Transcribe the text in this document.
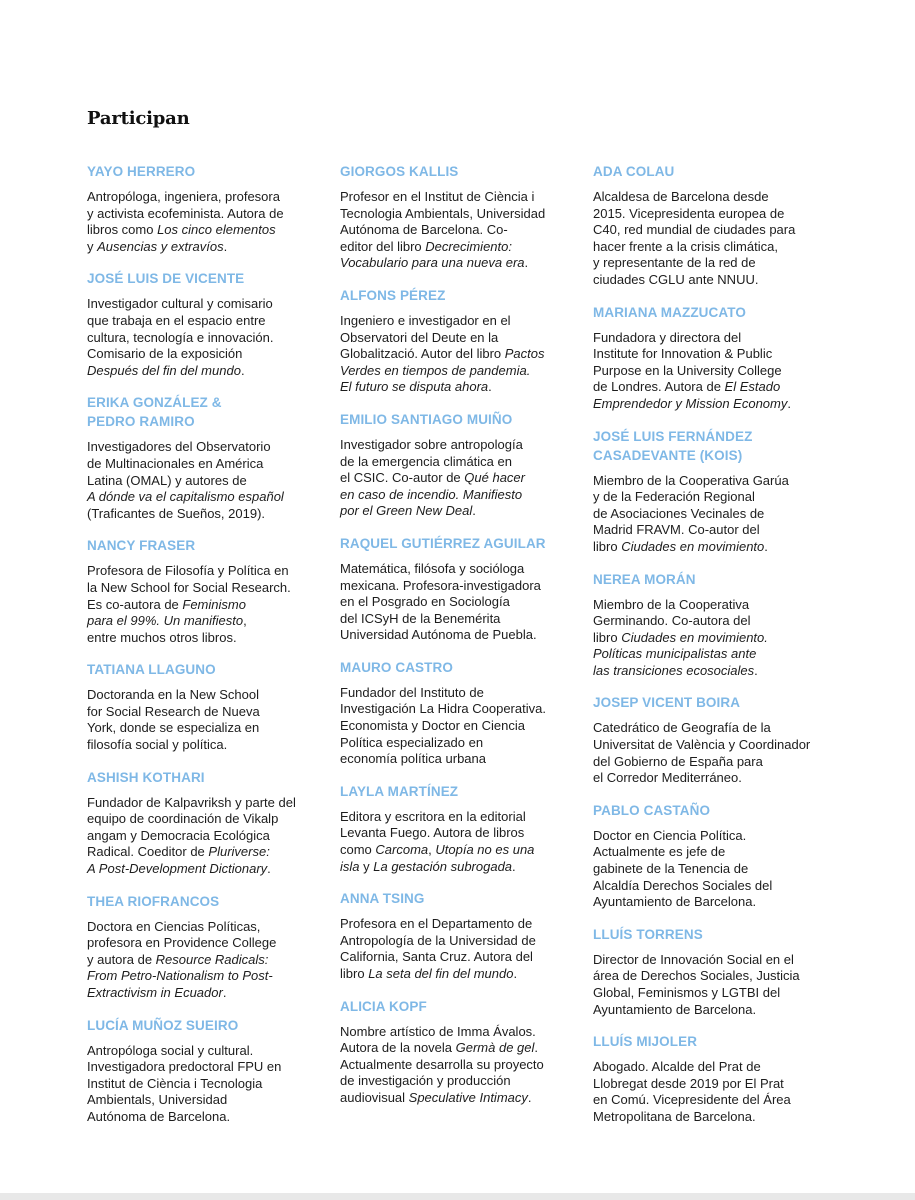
Participan
YAYO HERRERO
Antropóloga, ingeniera, profesora
y activista ecofeminista. Autora de
libros como Los cinco elementos
y Ausencias y extravíos.
JOSÉ LUIS DE VICENTE
Investigador cultural y comisario
que trabaja en el espacio entre
cultura, tecnología e innovación.
Comisario de la exposición
Después del fin del mundo.
ERIKA GONZÁLEZ &
PEDRO RAMIRO
Investigadores del Observatorio
de Multinacionales en América
Latina (OMAL) y autores de
A dónde va el capitalismo español
(Traficantes de Sueños, 2019).
NANCY FRASER
Profesora de Filosofía y Política en
la New School for Social Research.
Es co-autora de Feminismo
para el 99%. Un manifiesto,
entre muchos otros libros.
TATIANA LLAGUNO
Doctoranda en la New School
for Social Research de Nueva
York, donde se especializa en
filosofía social y política.
ASHISH KOTHARI
Fundador de Kalpavriksh y parte del
equipo de coordinación de Vikalp
angam y Democracia Ecológica
Radical. Coeditor de Pluriverse:
A Post-Development Dictionary.
THEA RIOFRANCOS
Doctora en Ciencias Políticas,
profesora en Providence College
y autora de Resource Radicals:
From Petro-Nationalism to Post-
Extractivism in Ecuador.
LUCÍA MUÑOZ SUEIRO
Antropóloga social y cultural.
Investigadora predoctoral FPU en
Institut de Ciència i Tecnologia
Ambientals, Universidad
Autónoma de Barcelona.
GIORGOS KALLIS
Profesor en el Institut de Ciència i
Tecnologia Ambientals, Universidad
Autónoma de Barcelona. Co-
editor del libro Decrecimiento:
Vocabulario para una nueva era.
ALFONS PÉREZ
Ingeniero e investigador en el
Observatori del Deute en la
Globalització. Autor del libro Pactos
Verdes en tiempos de pandemia.
El futuro se disputa ahora.
EMILIO SANTIAGO MUIÑO
Investigador sobre antropología
de la emergencia climática en
el CSIC. Co-autor de Qué hacer
en caso de incendio. Manifiesto
por el Green New Deal.
RAQUEL GUTIÉRREZ AGUILAR
Matemática, filósofa y socióloga
mexicana. Profesora-investigadora
en el Posgrado en Sociología
del ICSyH de la Benemérita
Universidad Autónoma de Puebla.
MAURO CASTRO
Fundador del Instituto de
Investigación La Hidra Cooperativa.
Economista y Doctor en Ciencia
Política especializado en
economía política urbana
LAYLA MARTÍNEZ
Editora y escritora en la editorial
Levanta Fuego. Autora de libros
como Carcoma, Utopía no es una
isla y La gestación subrogada.
ANNA TSING
Profesora en el Departamento de
Antropología de la Universidad de
California, Santa Cruz. Autora del
libro La seta del fin del mundo.
ALICIA KOPF
Nombre artístico de Imma Ávalos.
Autora de la novela Germà de gel.
Actualmente desarrolla su proyecto
de investigación y producción
audiovisual Speculative Intimacy.
ADA COLAU
Alcaldesa de Barcelona desde
2015. Vicepresidenta europea de
C40, red mundial de ciudades para
hacer frente a la crisis climática,
y representante de la red de
ciudades CGLU ante NNUU.
MARIANA MAZZUCATO
Fundadora y directora del
Institute for Innovation & Public
Purpose en la University College
de Londres. Autora de El Estado
Emprendedor y Mission Economy.
JOSÉ LUIS FERNÁNDEZ
CASADEVANTE (KOIS)
Miembro de la Cooperativa Garúa
y de la Federación Regional
de Asociaciones Vecinales de
Madrid FRAVM. Co-autor del
libro Ciudades en movimiento.
NEREA MORÁN
Miembro de la Cooperativa
Germinando. Co-autora del
libro Ciudades en movimiento.
Políticas municipalistas ante
las transiciones ecosociales.
JOSEP VICENT BOIRA
Catedrático de Geografía de la
Universitat de València y Coordinador
del Gobierno de España para
el Corredor Mediterráneo.
PABLO CASTAÑO
Doctor en Ciencia Política.
Actualmente es jefe de
gabinete de la Tenencia de
Alcaldía Derechos Sociales del
Ayuntamiento de Barcelona.
LLUÍS TORRENS
Director de Innovación Social en el
área de Derechos Sociales, Justicia
Global, Feminismos y LGTBI del
Ayuntamiento de Barcelona.
LLUÍS MIJOLER
Abogado. Alcalde del Prat de
Llobregat desde 2019 por El Prat
en Comú. Vicepresidente del Área
Metropolitana de Barcelona.
